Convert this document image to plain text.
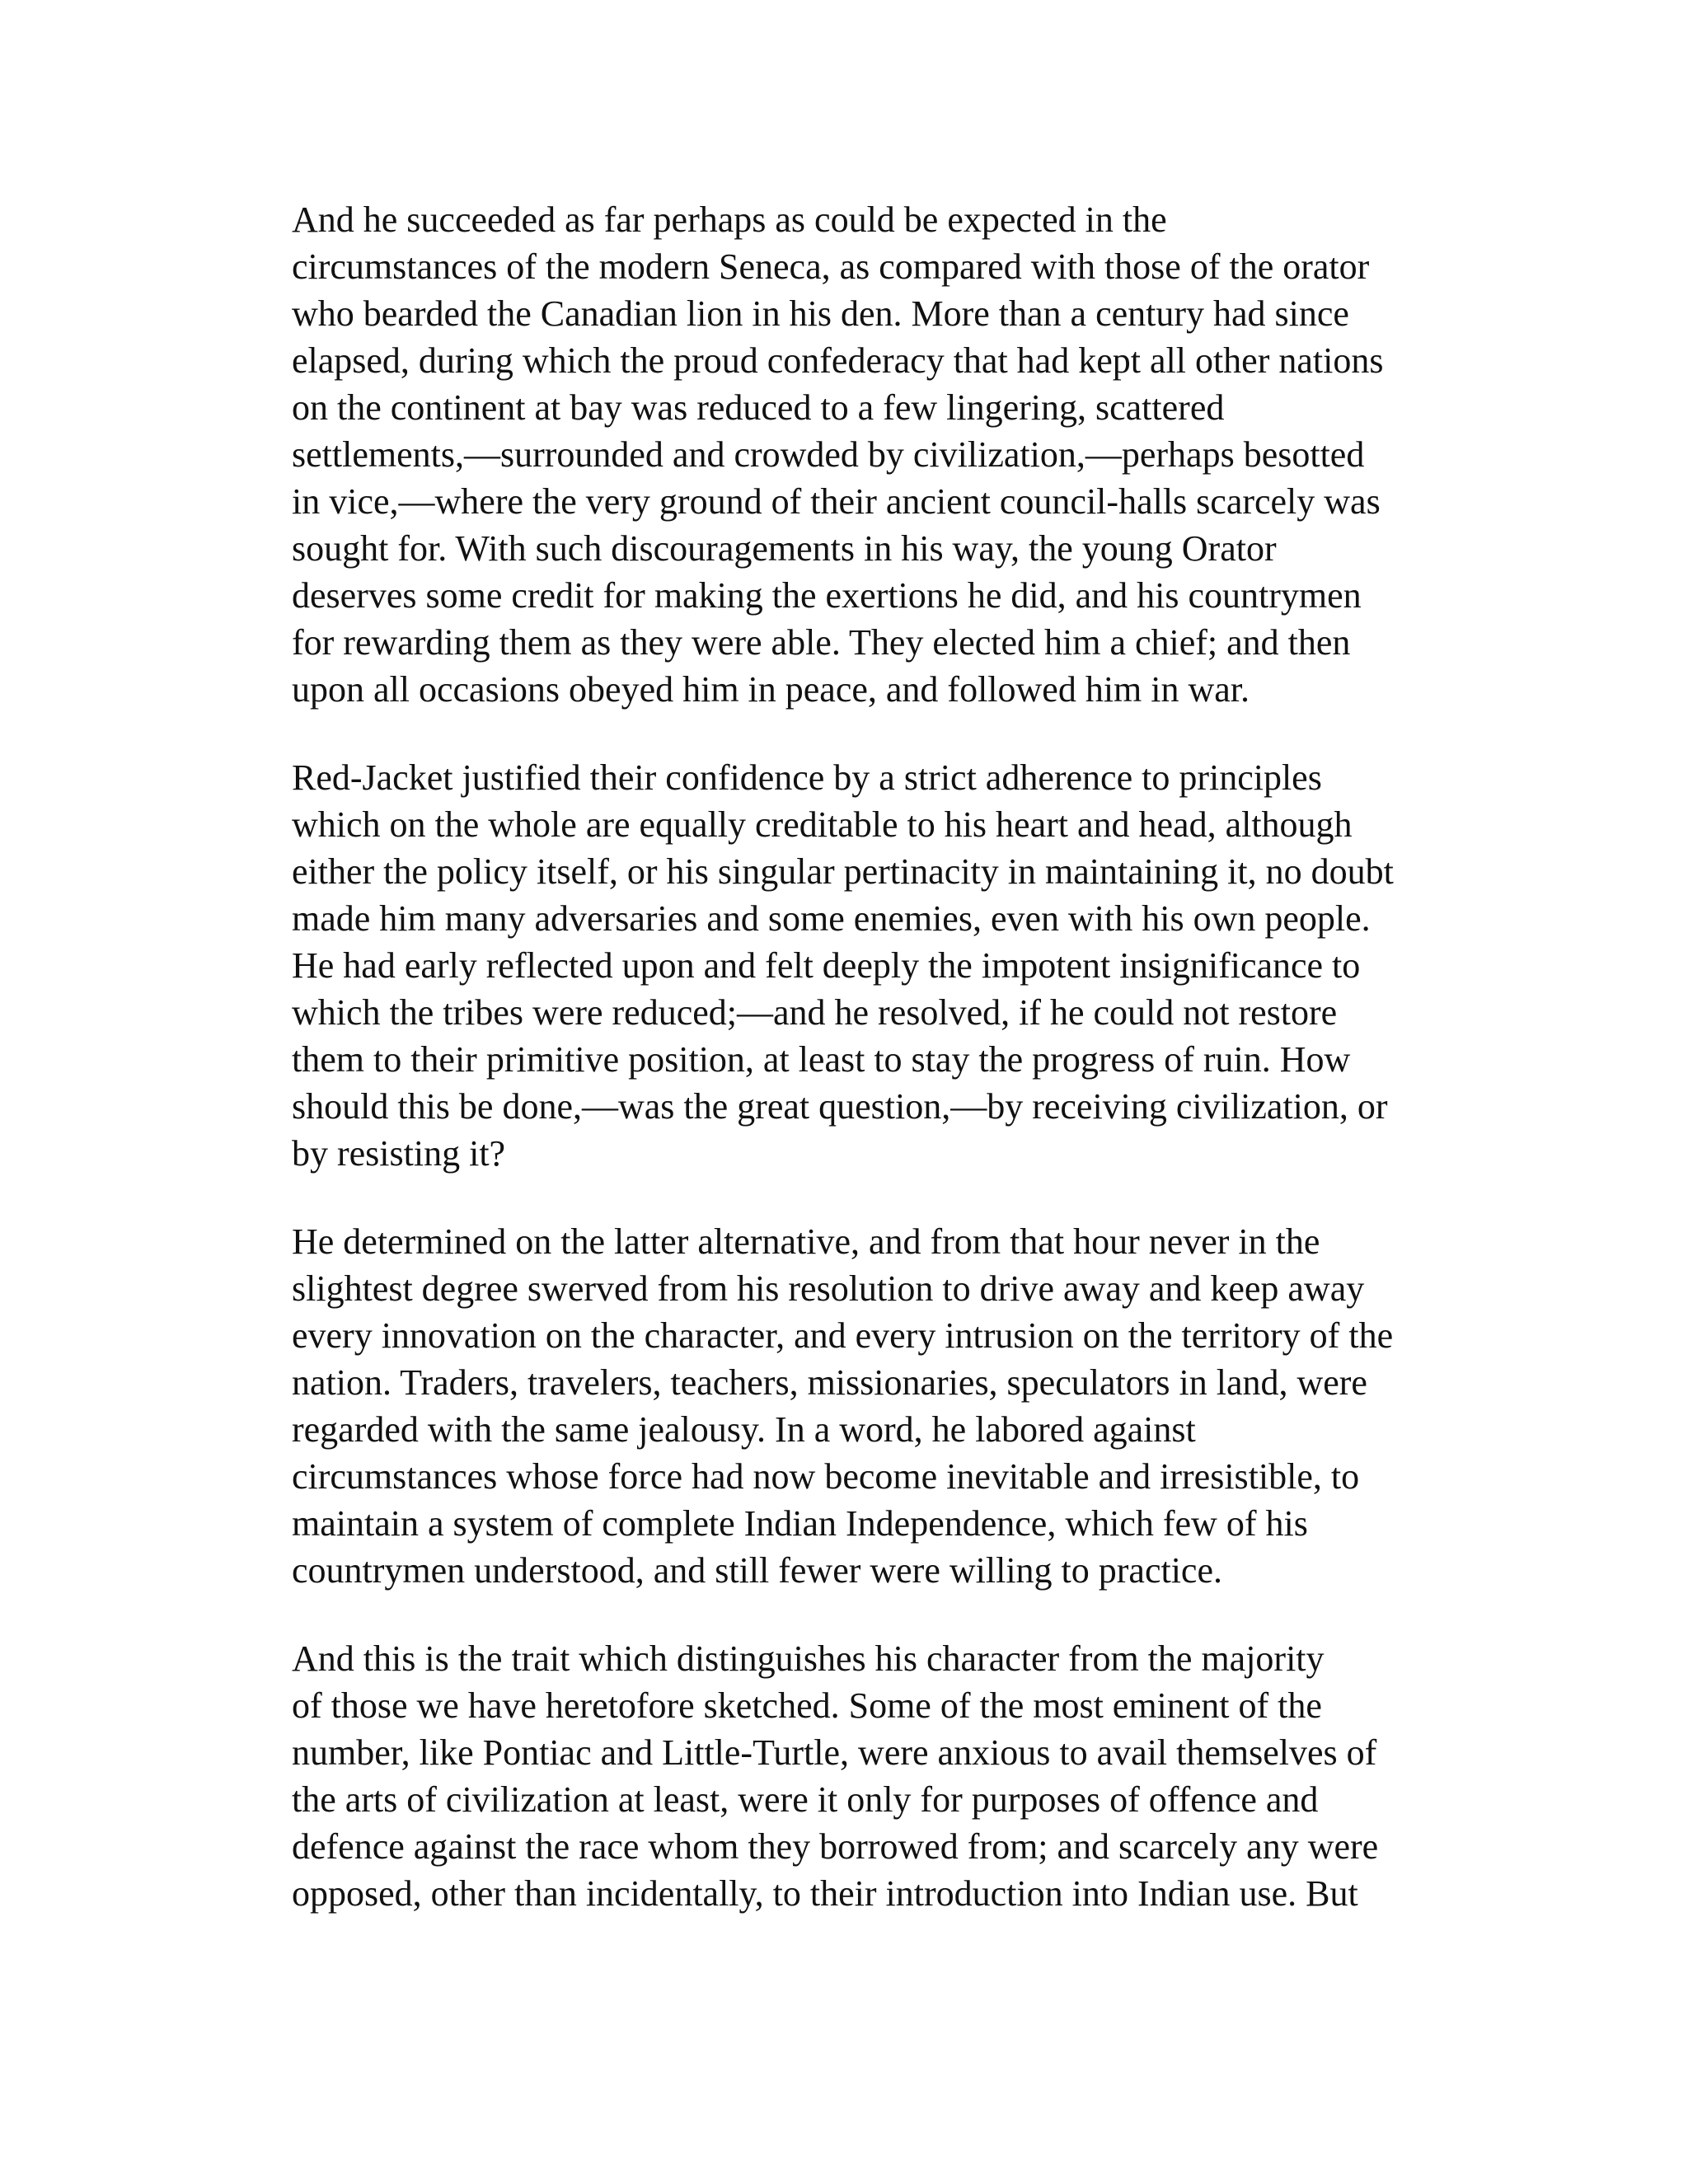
And he succeeded as far perhaps as could be expected in the
circumstances of the modern Seneca, as compared with those of the orator
who bearded the Canadian lion in his den. More than a century had since
elapsed, during which the proud confederacy that had kept all other nations
on the continent at bay was reduced to a few lingering, scattered
settlements,—surrounded and crowded by civilization,—perhaps besotted
in vice,—where the very ground of their ancient council-halls scarcely was
sought for. With such discouragements in his way, the young Orator
deserves some credit for making the exertions he did, and his countrymen
for rewarding them as they were able. They elected him a chief; and then
upon all occasions obeyed him in peace, and followed him in war.

Red-Jacket justified their confidence by a strict adherence to principles
which on the whole are equally creditable to his heart and head, although
either the policy itself, or his singular pertinacity in maintaining it, no doubt
made him many adversaries and some enemies, even with his own people.
He had early reflected upon and felt deeply the impotent insignificance to
which the tribes were reduced;—and he resolved, if he could not restore
them to their primitive position, at least to stay the progress of ruin. How
should this be done,—was the great question,—by receiving civilization, or
by resisting it?

He determined on the latter alternative, and from that hour never in the
slightest degree swerved from his resolution to drive away and keep away
every innovation on the character, and every intrusion on the territory of the
nation. Traders, travelers, teachers, missionaries, speculators in land, were
regarded with the same jealousy. In a word, he labored against
circumstances whose force had now become inevitable and irresistible, to
maintain a system of complete Indian Independence, which few of his
countrymen understood, and still fewer were willing to practice.

And this is the trait which distinguishes his character from the majority
of those we have heretofore sketched. Some of the most eminent of the
number, like Pontiac and Little-Turtle, were anxious to avail themselves of
the arts of civilization at least, were it only for purposes of offence and
defence against the race whom they borrowed from; and scarcely any were
opposed, other than incidentally, to their introduction into Indian use. But
